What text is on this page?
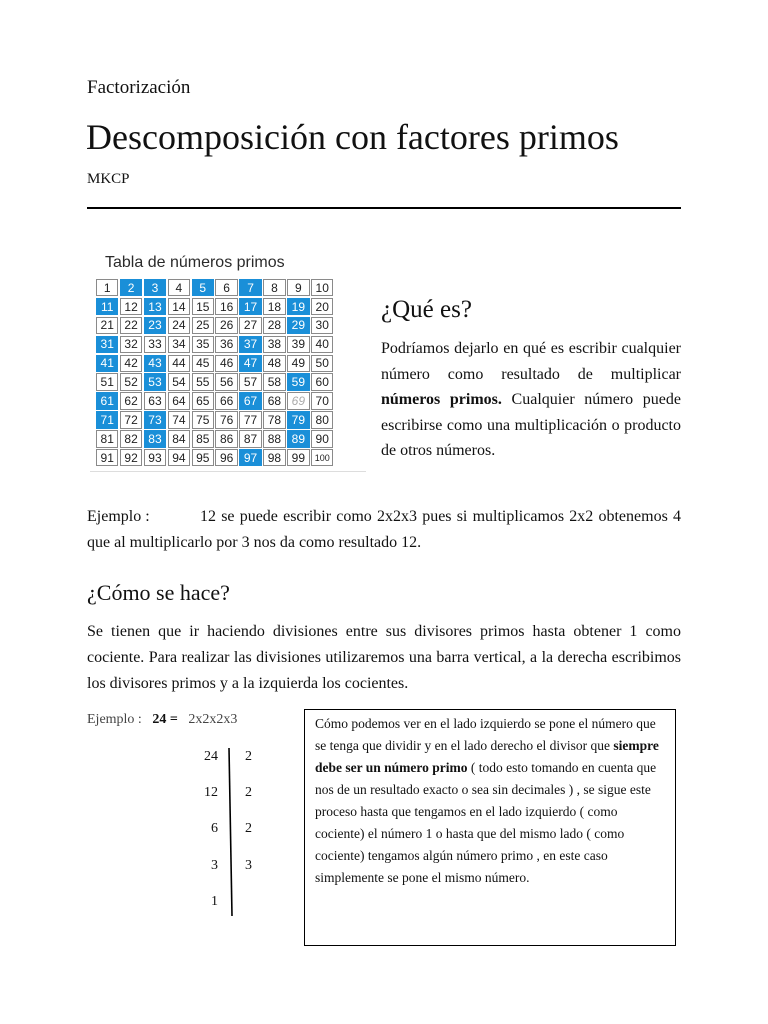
Factorización
Descomposición con factores primos
MKCP
Tabla de números primos
1	2	3	4	5	6	7	8	9	10
11 12 13 14 15 16 17 18 19 20
21 22 23 24 25 26 27 28 29 30
31 32 33 34 35 36 37 38 39 40
41 42 43 44 45 46 47 48 49 50
51 52 53 54 55 56 57 58 59 60
61 62 63 64 65 66 67 68 69 70
71 72 73 74 75 76 77 78 79 80
81 82 83 84 85 86 87 88 89 90
91 92 93 94 95 96 97 98 99	100
¿Qué es?
Podríamos dejarlo en qué es escribir cualquier número como resultado de multiplicar números primos. Cualquier número puede escribirse como una multiplicación o producto de otros números.
Ejemplo :	12 se puede escribir como 2x2x3 pues si multiplicamos 2x2 obtenemos 4 que al multiplicarlo por 3 nos da como resultado 12.
¿Cómo se hace?
Se tienen que ir haciendo divisiones entre sus divisores primos hasta obtener 1 como cociente. Para realizar las divisiones utilizaremos una barra vertical, a la derecha escribimos los divisores primos y a la izquierda los cocientes.
Ejemplo : 24 = 2x2x2x3
24 2
12 2
6 2
3 3
1
Cómo podemos ver en el lado izquierdo se pone el número que se tenga que dividir y en el lado derecho el divisor que siempre debe ser un número primo ( todo esto tomando en cuenta que nos de un resultado exacto o sea sin decimales ) , se sigue este proceso hasta que tengamos en el lado izquierdo ( como cociente) el número 1 o hasta que del mismo lado ( como cociente) tengamos algún número primo , en este caso simplemente se pone el mismo número.
